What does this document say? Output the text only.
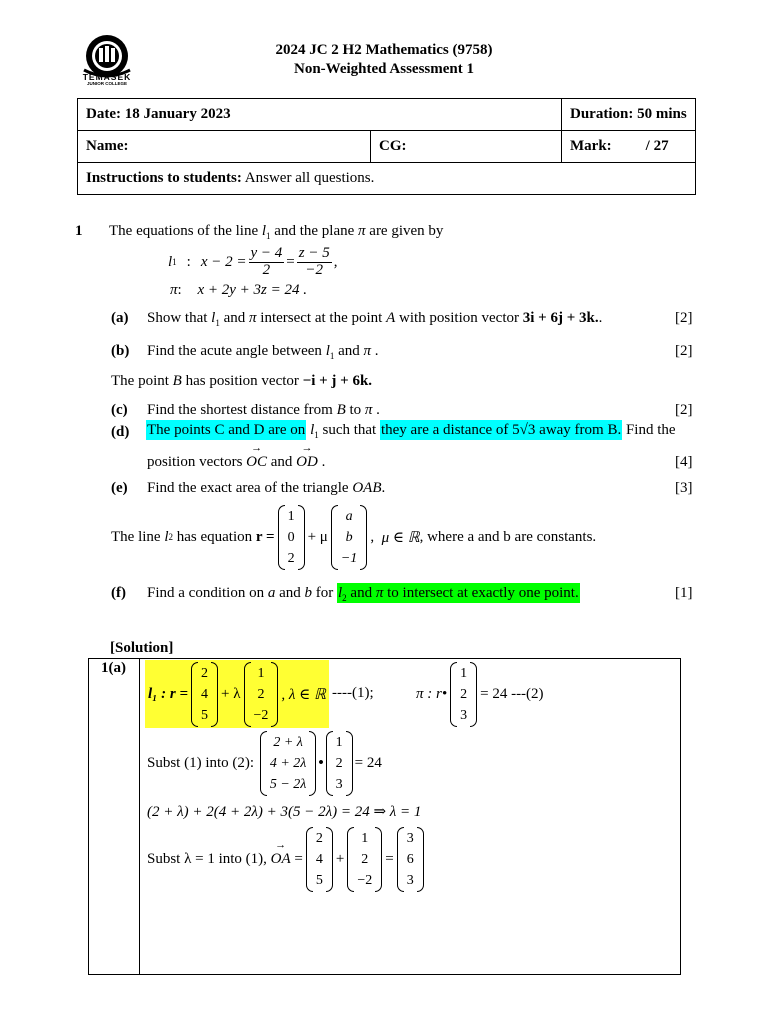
TEMASEK
JUNIOR COLLEGE
2024 JC 2 H2 Mathematics (9758)
Non-Weighted Assessment 1
Date: 18 January 2023		Duration: 50 mins
Name:	CG:	Mark: / 27
Instructions to students: Answer all questions.		
1 The equations of the line $l_1$ and the plane π are given by
l 1 : $x - 2 = \frac{y - 4}{2} = \frac{z - 5}{-2}$ ,
π: x + 2y + 3z = 24 .
(a) Show that $l_1$ and π intersect at the point A with position vector 3i + 6j + 3k..	[2]
(b) Find the acute angle between $l_1$ and π .	[2]
The point B has position vector −i + j + 6k.
(c) Find the shortest distance from B to π .	[2]
(d) The points C and D are on $l_1$ such that they are a distance of 5√3 away from B. Find the
position vectors → OC and → OD .	[4]
(e) Find the exact area of the triangle OAB.	[3]
The line
l 2
has equation
r =
1
0
2
+ μ
a
b
−1
, μ ∈ ℝ , where a and b are constants.
(f) Find a condition on a and b for $l_2$ and π to intersect at exactly one point.	[1]
[Solution]
1(a)
l₁ : r =
2
4
5
+ λ
1
2
−2
, λ ∈ ℝ ----(1);	π : r•
1
2
3
= 24 ---(2)
Subst (1) into (2):

2 + λ
4 + 2λ
5 − 2λ
•
1
2
3
= 24
(2 + λ) + 2(4 + 2λ) + 3(5 − 2λ) = 24 ⇒ λ = 1
Subst λ = 1 into (1),
→ OA
=
2
4
5
+
1
2
−2
=
3
6
3
